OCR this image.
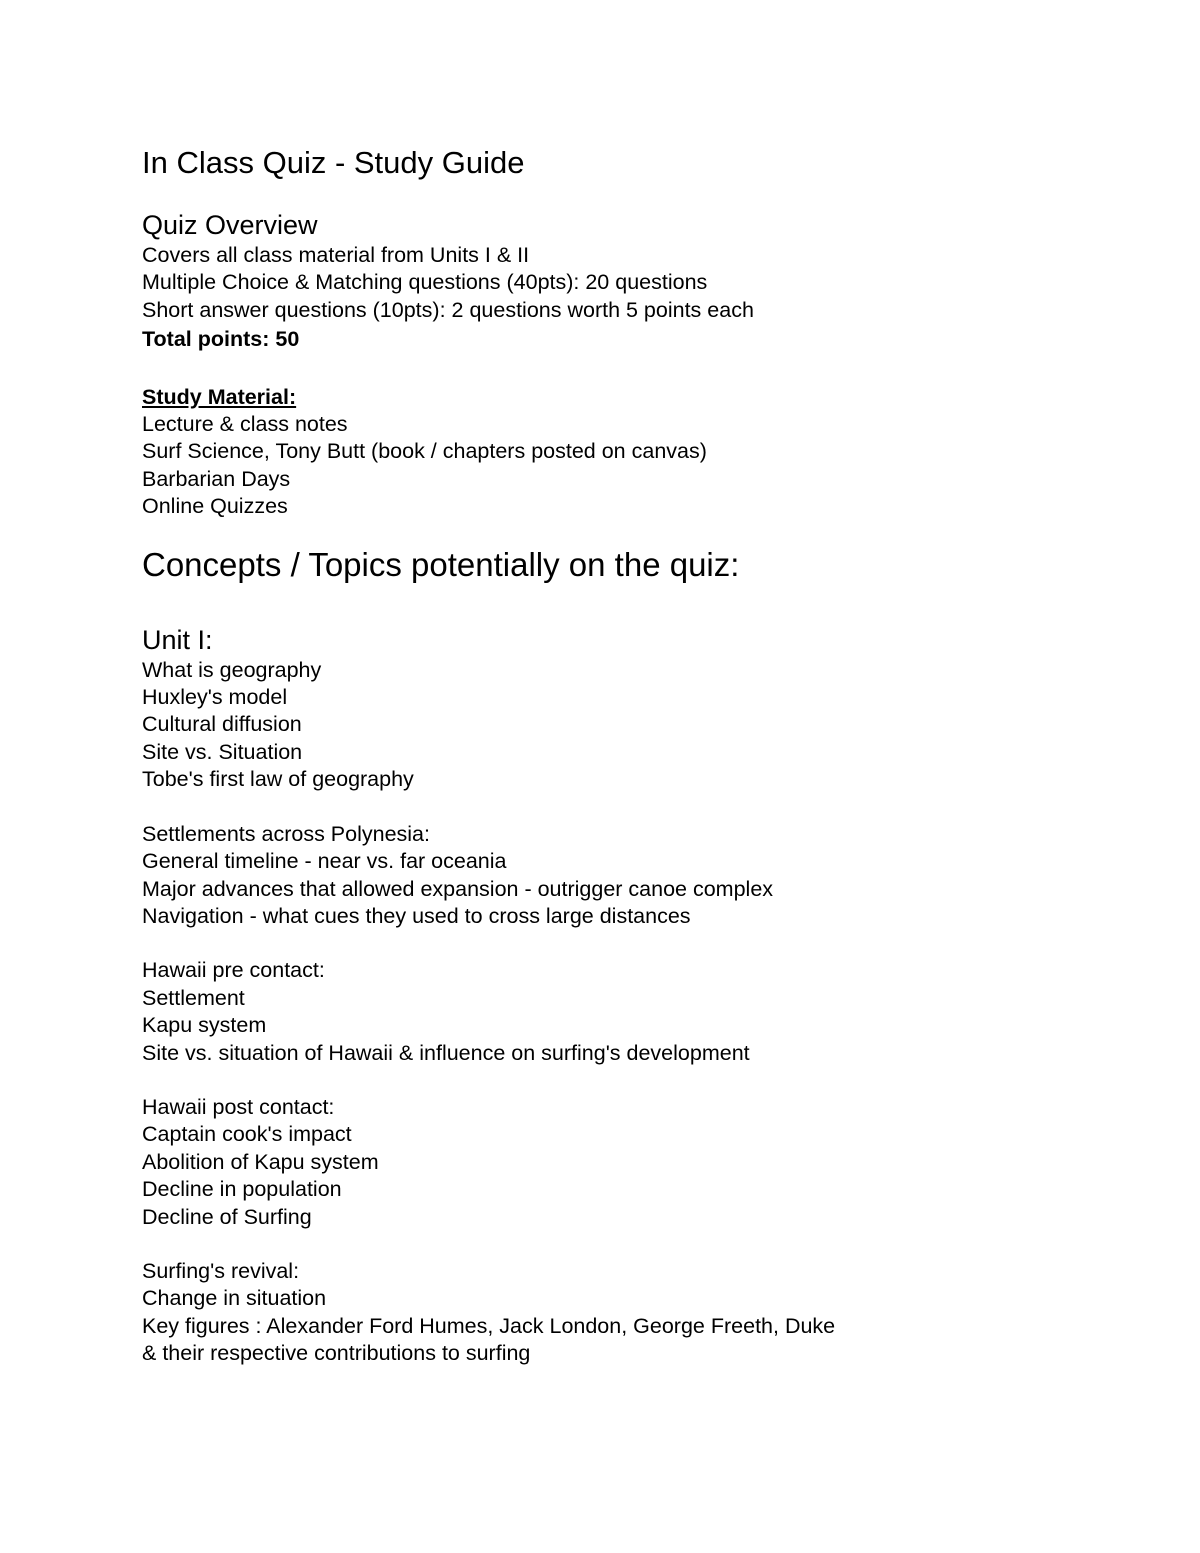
In Class Quiz - Study Guide
Quiz Overview
Covers all class material from Units I & II
Multiple Choice & Matching questions (40pts): 20 questions
Short answer questions (10pts): 2 questions worth 5 points each
Total points: 50
Study Material:
Lecture & class notes
Surf Science, Tony Butt (book / chapters posted on canvas)
Barbarian Days
Online Quizzes
Concepts / Topics potentially on the quiz:
Unit I:
What is geography
Huxley's model
Cultural diffusion
Site vs. Situation
Tobe's first law of geography
Settlements across Polynesia:
General timeline - near vs. far oceania
Major advances that allowed expansion - outrigger canoe complex
Navigation - what cues they used to cross large distances
Hawaii pre contact:
Settlement
Kapu system
Site vs. situation of Hawaii & influence on surfing's development
Hawaii post contact:
Captain cook's impact
Abolition of Kapu system
Decline in population
Decline of Surfing
Surfing's revival:
Change in situation
Key figures : Alexander Ford Humes, Jack London, George Freeth, Duke
& their respective contributions to surfing
